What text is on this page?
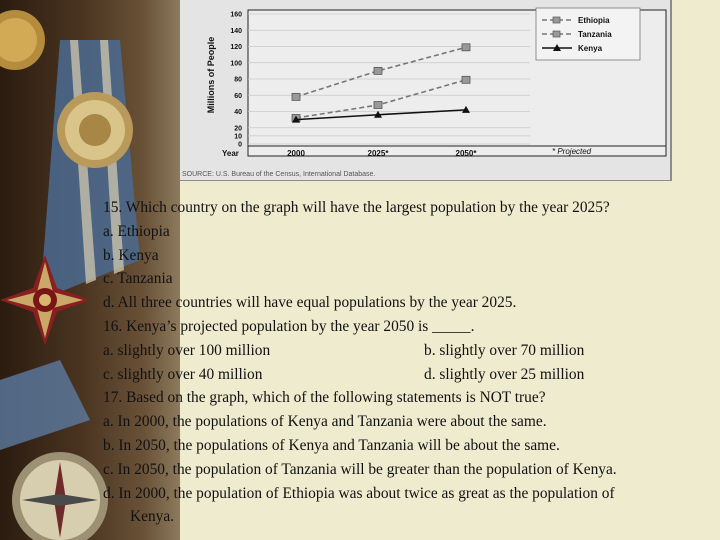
Millions of People
Year
0
10
20
40
60
80
100
120
140
160
2000	2025*	2050*
Ethiopia
Tanzania
Kenya
* Projected
SOURCE: U.S. Bureau of the Census, International Database.
15. Which country on the graph will have the largest population by the year 2025?
a. Ethiopia
b. Kenya
c. Tanzania
d. All three countries will have equal populations by the year 2025.
16. Kenya’s projected population by the year 2050 is _____.
a. slightly over 100 million	b. slightly over 70 million
c. slightly over 40 million	d. slightly over 25 million
17. Based on the graph, which of the following statements is NOT true?
a. In 2000, the populations of Kenya and Tanzania were about the same.
b. In 2050, the populations of Kenya and Tanzania will be about the same.
c. In 2050, the population of Tanzania will be greater than the population of Kenya.
d. In 2000, the population of Ethiopia was about twice as great as the population of
Kenya.
